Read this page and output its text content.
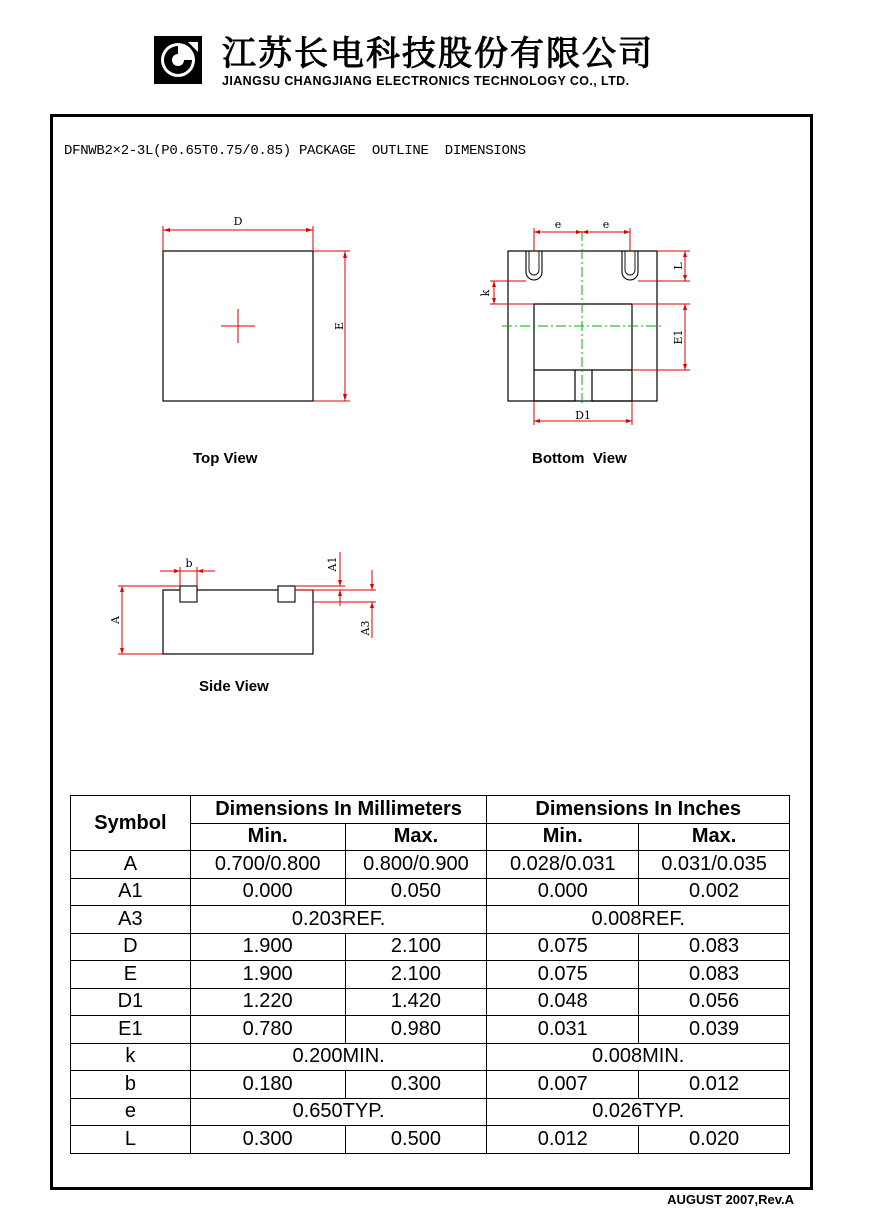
江苏长电科技股份有限公司
JIANGSU CHANGJIANG ELECTRONICS TECHNOLOGY CO., LTD.
DFNWB2×2-3L(P0.65T0.75/0.85) PACKAGE  OUTLINE  DIMENSIONS
D
E
e	e
L
k
E1
D1
b
A
A1
A3
Top View	Bottom  View
Side View
Symbol	Dimensions In Millimeters		Dimensions In Inches	
	Min.	Max.	Min.	Max.
A	0.700/0.800	0.800/0.900	0.028/0.031	0.031/0.035
A1	0.000	0.050	0.000	0.002
A3	0.203REF.		0.008REF.	
D	1.900	2.100	0.075	0.083
E	1.900	2.100	0.075	0.083
D1	1.220	1.420	0.048	0.056
E1	0.780	0.980	0.031	0.039
k	0.200MIN.		0.008MIN.	
b	0.180	0.300	0.007	0.012
e	0.650TYP.		0.026TYP.	
L	0.300	0.500	0.012	0.020
AUGUST 2007,Rev.A
